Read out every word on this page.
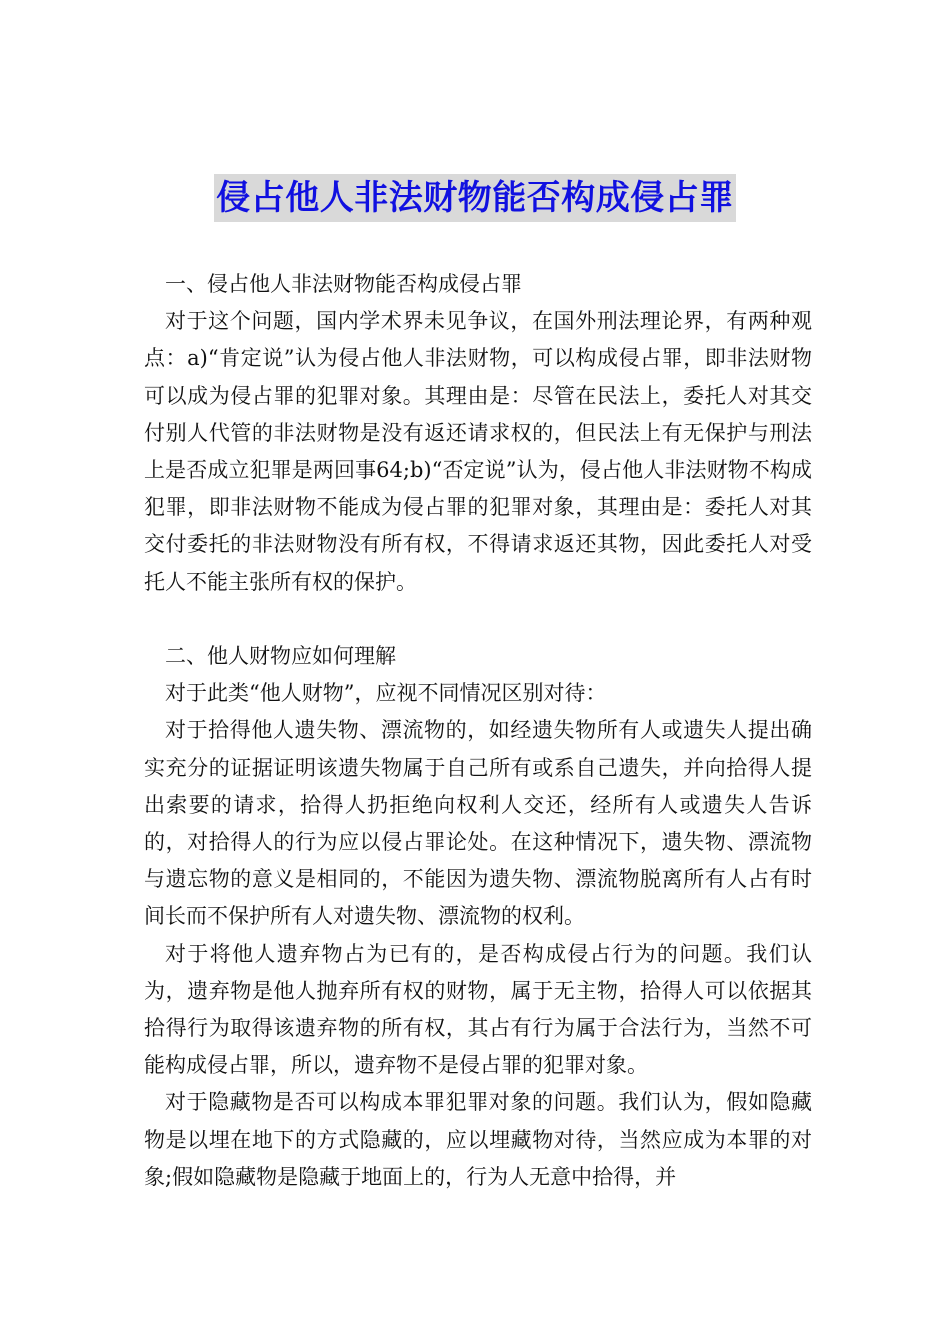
侵占他人非法财物能否构成侵占罪

一、侵占他人非法财物能否构成侵占罪

对于这个问题，国内学术界未见争议，在国外刑法理论界，有两种观点：a)“肯定说”认为侵占他人非法财物，可以构成侵占罪，即非法财物可以成为侵占罪的犯罪对象。其理由是：尽管在民法上，委托人对其交付别人代管的非法财物是没有返还请求权的，但民法上有无保护与刑法上是否成立犯罪是两回事64;b)“否定说”认为，侵占他人非法财物不构成犯罪，即非法财物不能成为侵占罪的犯罪对象，其理由是：委托人对其交付委托的非法财物没有所有权，不得请求返还其物，因此委托人对受托人不能主张所有权的保护。

二、他人财物应如何理解

对于此类“他人财物”，应视不同情况区别对待：

对于拾得他人遗失物、漂流物的，如经遗失物所有人或遗失人提出确实充分的证据证明该遗失物属于自己所有或系自己遗失，并向拾得人提出索要的请求，拾得人扔拒绝向权利人交还，经所有人或遗失人告诉的，对拾得人的行为应以侵占罪论处。在这种情况下，遗失物、漂流物与遗忘物的意义是相同的，不能因为遗失物、漂流物脱离所有人占有时间长而不保护所有人对遗失物、漂流物的权利。

对于将他人遗弃物占为已有的，是否构成侵占行为的问题。我们认为，遗弃物是他人抛弃所有权的财物，属于无主物，拾得人可以依据其拾得行为取得该遗弃物的所有权，其占有行为属于合法行为，当然不可能构成侵占罪，所以，遗弃物不是侵占罪的犯罪对象。

对于隐藏物是否可以构成本罪犯罪对象的问题。我们认为，假如隐藏物是以埋在地下的方式隐藏的，应以埋藏物对待，当然应成为本罪的对象;假如隐藏物是隐藏于地面上的，行为人无意中拾得，并
